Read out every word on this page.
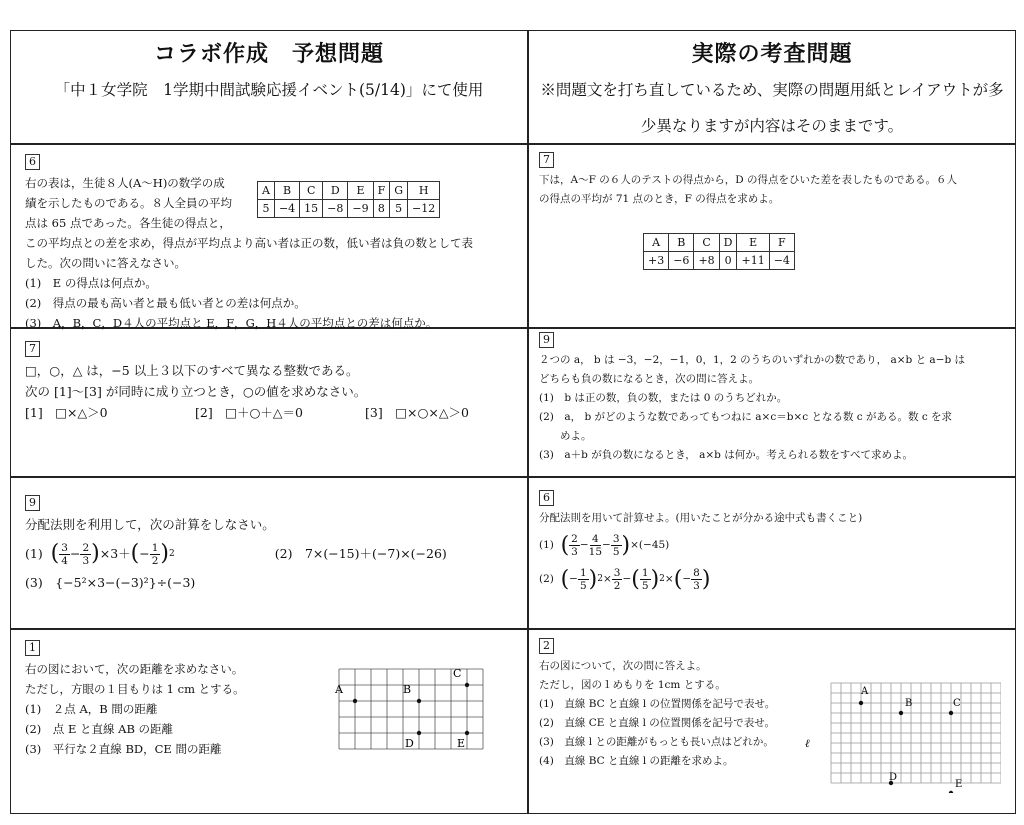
コラボ作成　予想問題
「中１女学院　1学期中間試験応援イベント(5/14)」にて使用
実際の考査問題
※問題文を打ち直しているため、実際の問題用紙とレイアウトが多少異なりますが内容はそのままです。
6
右の表は，生徒８人(A～H)の数学の成
績を示したものである。８人全員の平均
点は 65 点であった。各生徒の得点と，
この平均点との差を求め，得点が平均点より高い者は正の数，低い者は負の数として表
した。次の問いに答えなさい。
(1)　E の得点は何点か。
(2)　得点の最も高い者と最も低い者との差は何点か。
(3)　A，B，C，D４人の平均点と E，F，G，H４人の平均点との差は何点か。
A	B	C	D	E	F	G	H
5	−4	15	−8	−9	8	5	−12
7
□，○，△ は，−5 以上３以下のすべて異なる整数である。
次の [1]～[3] が同時に成り立つとき，○の値を求めなさい。
[1]　□×△＞0	[2]　□＋○＋△＝0	[3]　□×○×△＞0
9
分配法則を利用して，次の計算をしなさい。
(1)
( $\frac{3}{4} - \frac{2}{3}$ ) ×3＋ ( − $\frac{1}{2}$ ) 2	(2)　7×(−15)＋(−7)×(−26)
(3)　{−5²×3−(−3)²}÷(−3)
1
右の図において，次の距離を求めなさい。
ただし，方眼の１目もりは 1 cm とする。
(1)　２点 A，B 間の距離
(2)　点 E と直線 AB の距離
(3)　平行な２直線 BD，CE 間の距離
A	B
C
D	E
7
下は，A～F の６人のテストの得点から，D の得点をひいた差を表したものである。６人
の得点の平均が 71 点のとき，F の得点を求めよ。
A	B	C	D	E	F
+3	−6	+8	0	+11	−4
9
２つの a， b は −3，−2，−1，0，1，2 のうちのいずれかの数であり， a×b と a−b は
どちらも負の数になるとき，次の問に答えよ。
(1)　b は正の数，負の数，または 0 のうちどれか。
(2)　a， b がどのような数であってもつねに a×c＝b×c となる数 c がある。数 c を求
　　めよ。
(3)　a＋b が負の数になるとき， a×b は何か。考えられる数をすべて求めよ。
6
分配法則を用いて計算せよ。(用いたことが分かる途中式も書くこと)
(1)
( $\frac{2}{3} - \frac{4}{15} - \frac{3}{5}$ ) ×(−45)
(2)
( − $\frac{1}{5}$ ) $2 \times \frac{3}{2}$ − ( $\frac{1}{5}$ ) 2 × ( − $\frac{8}{3}$ )
2
右の図について，次の問に答えよ。
ただし，図の１めもりを 1cm とする。
(1)　直線 BC と直線 l の位置関係を記号で表せ。
(2)　直線 CE と直線 l の位置関係を記号で表せ。
(3)　直線 l との距離がもっとも長い点はどれか。
(4)　直線 BC と直線 l の距離を求めよ。
ℓ
A
B	C
D
E
